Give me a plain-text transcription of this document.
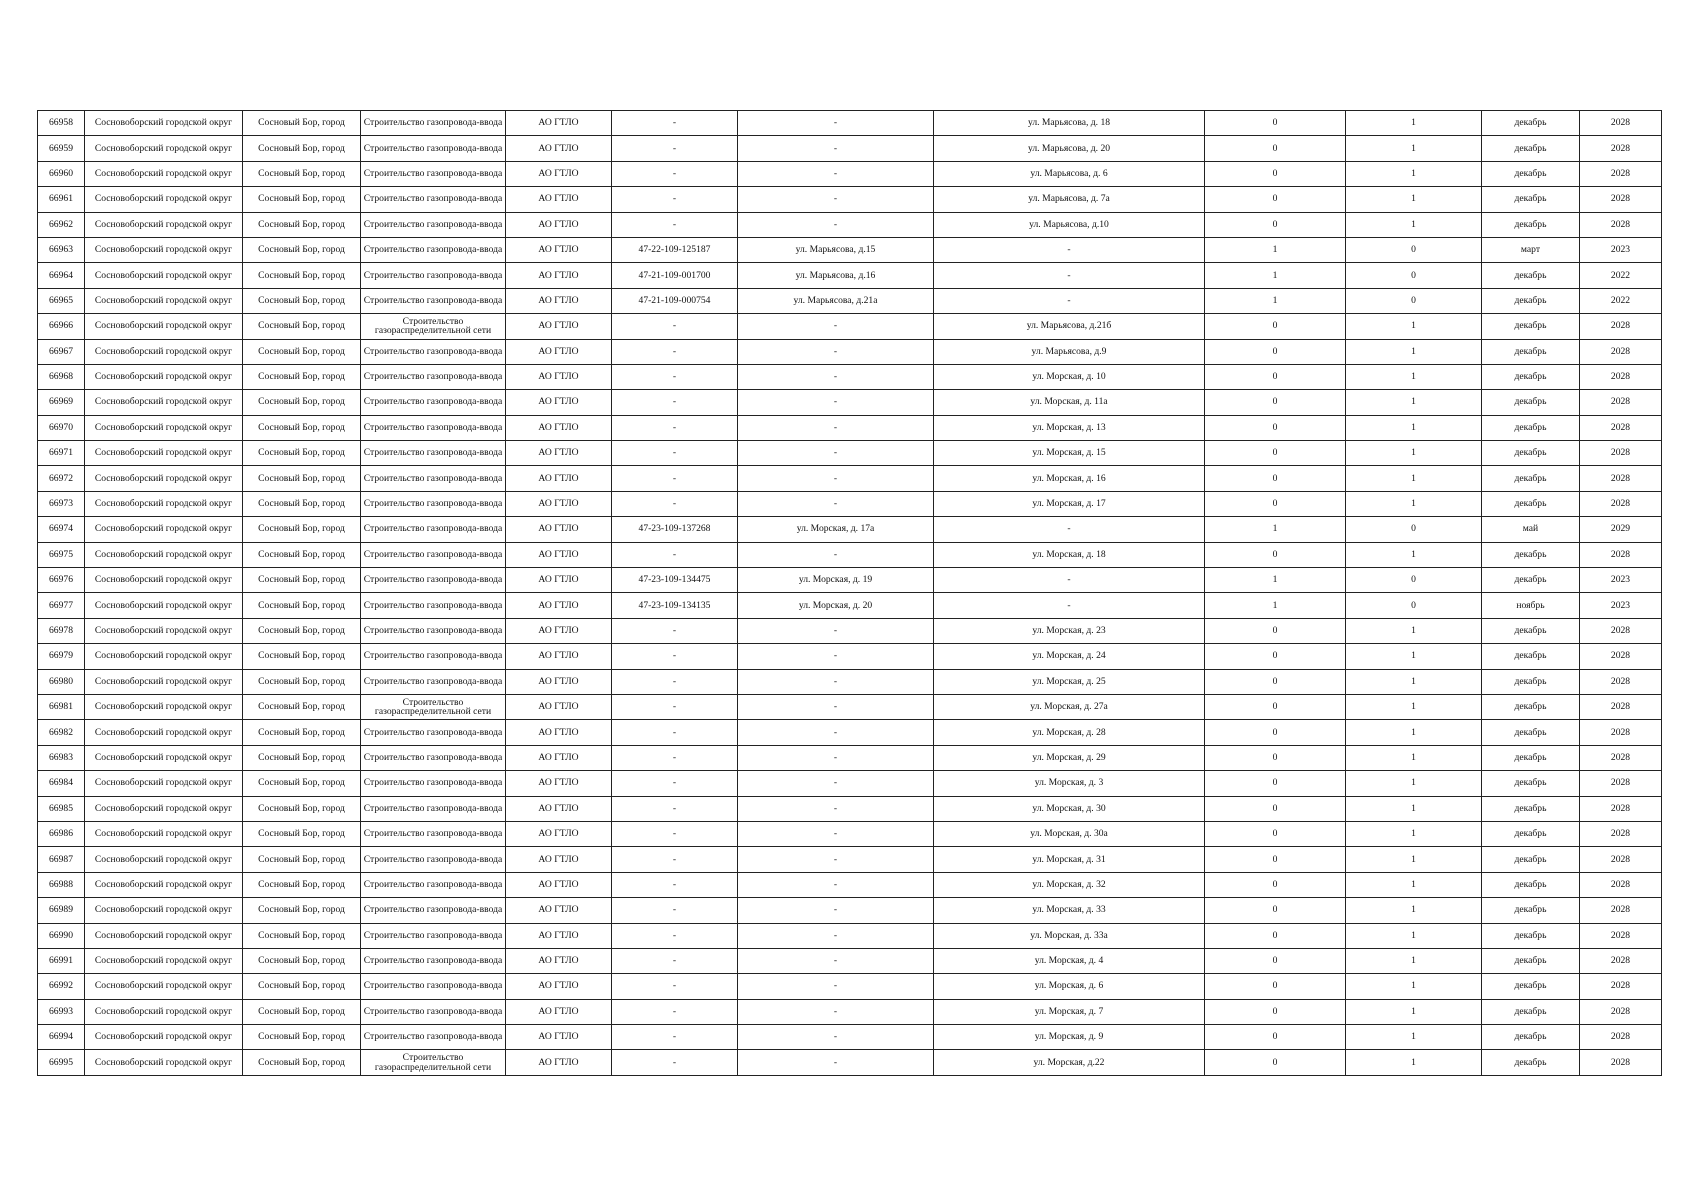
66958	Сосновоборский городской округ	Сосновый Бор, город	Строительство газопровода-ввода	АО ГТЛО	-	-	ул. Марьясова, д. 18	0	1	декабрь	2028
66959	Сосновоборский городской округ	Сосновый Бор, город	Строительство газопровода-ввода	АО ГТЛО	-	-	ул. Марьясова, д. 20	0	1	декабрь	2028
66960	Сосновоборский городской округ	Сосновый Бор, город	Строительство газопровода-ввода	АО ГТЛО	-	-	ул. Марьясова, д. 6	0	1	декабрь	2028
66961	Сосновоборский городской округ	Сосновый Бор, город	Строительство газопровода-ввода	АО ГТЛО	-	-	ул. Марьясова, д. 7а	0	1	декабрь	2028
66962	Сосновоборский городской округ	Сосновый Бор, город	Строительство газопровода-ввода	АО ГТЛО	-	-	ул. Марьясова, д.10	0	1	декабрь	2028
66963	Сосновоборский городской округ	Сосновый Бор, город	Строительство газопровода-ввода	АО ГТЛО	47-22-109-125187	ул. Марьясова, д.15	-	1	0	март	2023
66964	Сосновоборский городской округ	Сосновый Бор, город	Строительство газопровода-ввода	АО ГТЛО	47-21-109-001700	ул. Марьясова, д.16	-	1	0	декабрь	2022
66965	Сосновоборский городской округ	Сосновый Бор, город	Строительство газопровода-ввода	АО ГТЛО	47-21-109-000754	ул. Марьясова, д.21а	-	1	0	декабрь	2022
66966	Сосновоборский городской округ	Сосновый Бор, город	Строительство газораспределительной сети	АО ГТЛО	-	-	ул. Марьясова, д.21б	0	1	декабрь	2028
66967	Сосновоборский городской округ	Сосновый Бор, город	Строительство газопровода-ввода	АО ГТЛО	-	-	ул. Марьясова, д.9	0	1	декабрь	2028
66968	Сосновоборский городской округ	Сосновый Бор, город	Строительство газопровода-ввода	АО ГТЛО	-	-	ул. Морская, д. 10	0	1	декабрь	2028
66969	Сосновоборский городской округ	Сосновый Бор, город	Строительство газопровода-ввода	АО ГТЛО	-	-	ул. Морская, д. 11а	0	1	декабрь	2028
66970	Сосновоборский городской округ	Сосновый Бор, город	Строительство газопровода-ввода	АО ГТЛО	-	-	ул. Морская, д. 13	0	1	декабрь	2028
66971	Сосновоборский городской округ	Сосновый Бор, город	Строительство газопровода-ввода	АО ГТЛО	-	-	ул. Морская, д. 15	0	1	декабрь	2028
66972	Сосновоборский городской округ	Сосновый Бор, город	Строительство газопровода-ввода	АО ГТЛО	-	-	ул. Морская, д. 16	0	1	декабрь	2028
66973	Сосновоборский городской округ	Сосновый Бор, город	Строительство газопровода-ввода	АО ГТЛО	-	-	ул. Морская, д. 17	0	1	декабрь	2028
66974	Сосновоборский городской округ	Сосновый Бор, город	Строительство газопровода-ввода	АО ГТЛО	47-23-109-137268	ул. Морская, д. 17а	-	1	0	май	2029
66975	Сосновоборский городской округ	Сосновый Бор, город	Строительство газопровода-ввода	АО ГТЛО	-	-	ул. Морская, д. 18	0	1	декабрь	2028
66976	Сосновоборский городской округ	Сосновый Бор, город	Строительство газопровода-ввода	АО ГТЛО	47-23-109-134475	ул. Морская, д. 19	-	1	0	декабрь	2023
66977	Сосновоборский городской округ	Сосновый Бор, город	Строительство газопровода-ввода	АО ГТЛО	47-23-109-134135	ул. Морская, д. 20	-	1	0	ноябрь	2023
66978	Сосновоборский городской округ	Сосновый Бор, город	Строительство газопровода-ввода	АО ГТЛО	-	-	ул. Морская, д. 23	0	1	декабрь	2028
66979	Сосновоборский городской округ	Сосновый Бор, город	Строительство газопровода-ввода	АО ГТЛО	-	-	ул. Морская, д. 24	0	1	декабрь	2028
66980	Сосновоборский городской округ	Сосновый Бор, город	Строительство газопровода-ввода	АО ГТЛО	-	-	ул. Морская, д. 25	0	1	декабрь	2028
66981	Сосновоборский городской округ	Сосновый Бор, город	Строительство газораспределительной сети	АО ГТЛО	-	-	ул. Морская, д. 27а	0	1	декабрь	2028
66982	Сосновоборский городской округ	Сосновый Бор, город	Строительство газопровода-ввода	АО ГТЛО	-	-	ул. Морская, д. 28	0	1	декабрь	2028
66983	Сосновоборский городской округ	Сосновый Бор, город	Строительство газопровода-ввода	АО ГТЛО	-	-	ул. Морская, д. 29	0	1	декабрь	2028
66984	Сосновоборский городской округ	Сосновый Бор, город	Строительство газопровода-ввода	АО ГТЛО	-	-	ул. Морская, д. 3	0	1	декабрь	2028
66985	Сосновоборский городской округ	Сосновый Бор, город	Строительство газопровода-ввода	АО ГТЛО	-	-	ул. Морская, д. 30	0	1	декабрь	2028
66986	Сосновоборский городской округ	Сосновый Бор, город	Строительство газопровода-ввода	АО ГТЛО	-	-	ул. Морская, д. 30а	0	1	декабрь	2028
66987	Сосновоборский городской округ	Сосновый Бор, город	Строительство газопровода-ввода	АО ГТЛО	-	-	ул. Морская, д. 31	0	1	декабрь	2028
66988	Сосновоборский городской округ	Сосновый Бор, город	Строительство газопровода-ввода	АО ГТЛО	-	-	ул. Морская, д. 32	0	1	декабрь	2028
66989	Сосновоборский городской округ	Сосновый Бор, город	Строительство газопровода-ввода	АО ГТЛО	-	-	ул. Морская, д. 33	0	1	декабрь	2028
66990	Сосновоборский городской округ	Сосновый Бор, город	Строительство газопровода-ввода	АО ГТЛО	-	-	ул. Морская, д. 33а	0	1	декабрь	2028
66991	Сосновоборский городской округ	Сосновый Бор, город	Строительство газопровода-ввода	АО ГТЛО	-	-	ул. Морская, д. 4	0	1	декабрь	2028
66992	Сосновоборский городской округ	Сосновый Бор, город	Строительство газопровода-ввода	АО ГТЛО	-	-	ул. Морская, д. 6	0	1	декабрь	2028
66993	Сосновоборский городской округ	Сосновый Бор, город	Строительство газопровода-ввода	АО ГТЛО	-	-	ул. Морская, д. 7	0	1	декабрь	2028
66994	Сосновоборский городской округ	Сосновый Бор, город	Строительство газопровода-ввода	АО ГТЛО	-	-	ул. Морская, д. 9	0	1	декабрь	2028
66995	Сосновоборский городской округ	Сосновый Бор, город	Строительство газораспределительной сети	АО ГТЛО	-	-	ул. Морская, д.22	0	1	декабрь	2028
